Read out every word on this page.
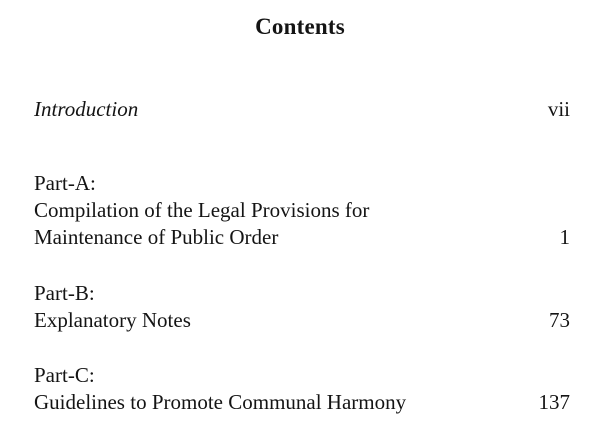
Contents
Introduction	vii
Part-A:
Compilation of the Legal Provisions for
Maintenance of Public Order	1
Part-B:
Explanatory Notes	73
Part-C:
Guidelines to Promote Communal Harmony	137
